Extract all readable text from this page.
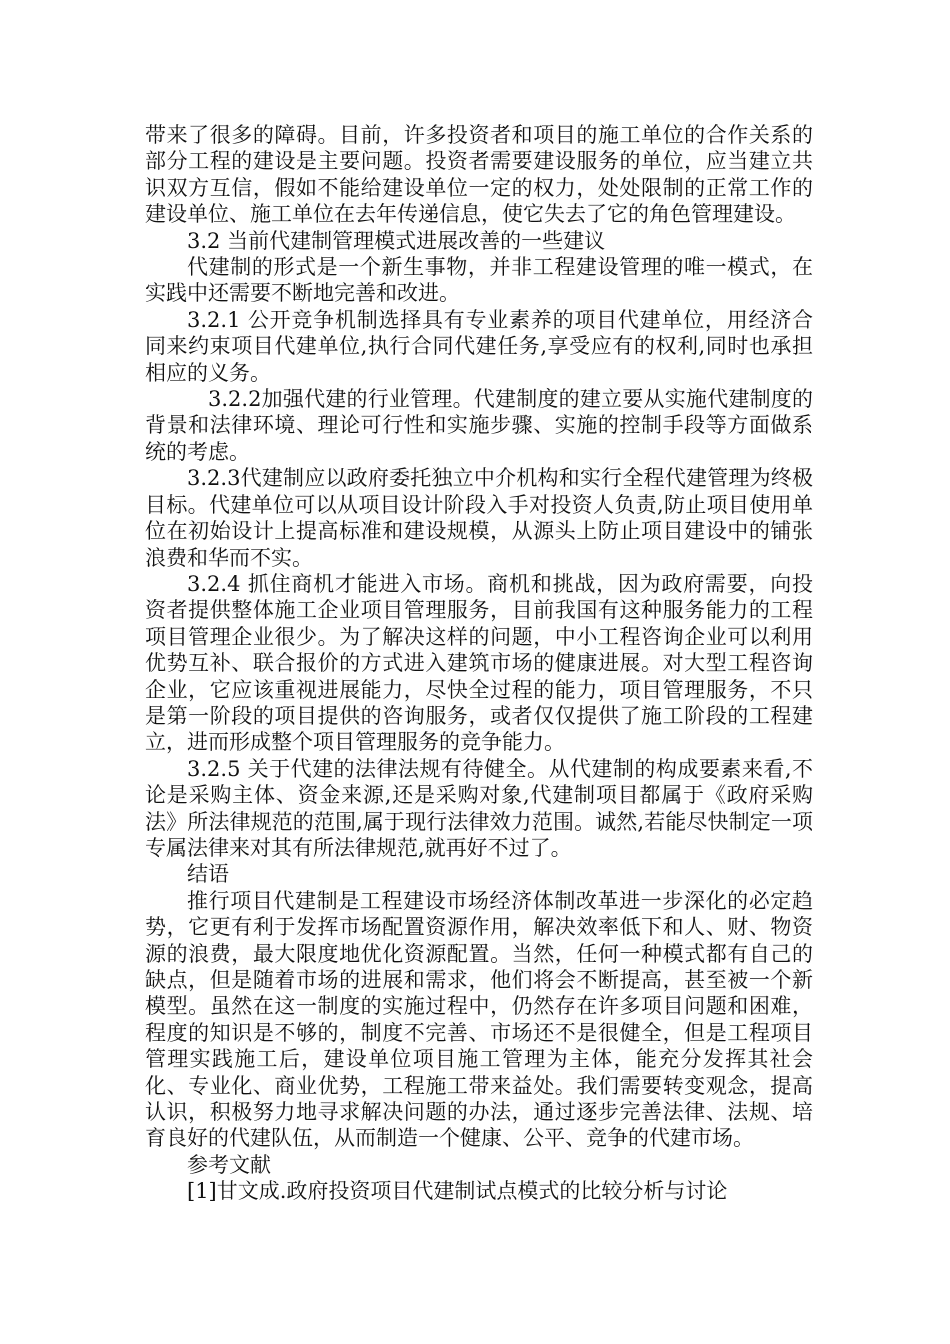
带来了很多的障碍。目前，许多投资者和项目的施工单位的合作关系的部分工程的建设是主要问题。投资者需要建设服务的单位，应当建立共识双方互信，假如不能给建设单位一定的权力，处处限制的正常工作的建设单位、施工单位在去年传递信息，使它失去了它的角色管理建设。

3.2 当前代建制管理模式进展改善的一些建议

代建制的形式是一个新生事物，并非工程建设管理的唯一模式，在实践中还需要不断地完善和改进。

3.2.1 公开竞争机制选择具有专业素养的项目代建单位，用经济合同来约束项目代建单位,执行合同代建任务,享受应有的权利,同时也承担相应的义务。

3.2.2加强代建的行业管理。代建制度的建立要从实施代建制度的背景和法律环境、理论可行性和实施步骤、实施的控制手段等方面做系统的考虑。

3.2.3代建制应以政府委托独立中介机构和实行全程代建管理为终极目标。代建单位可以从项目设计阶段入手对投资人负责,防止项目使用单位在初始设计上提高标准和建设规模，从源头上防止项目建设中的铺张浪费和华而不实。

3.2.4 抓住商机才能进入市场。商机和挑战，因为政府需要，向投资者提供整体施工企业项目管理服务，目前我国有这种服务能力的工程项目管理企业很少。为了解决这样的问题，中小工程咨询企业可以利用优势互补、联合报价的方式进入建筑市场的健康进展。对大型工程咨询企业，它应该重视进展能力，尽快全过程的能力，项目管理服务，不只是第一阶段的项目提供的咨询服务，或者仅仅提供了施工阶段的工程建立，进而形成整个项目管理服务的竞争能力。

3.2.5 关于代建的法律法规有待健全。从代建制的构成要素来看,不论是采购主体、资金来源,还是采购对象,代建制项目都属于《政府采购法》所法律规范的范围,属于现行法律效力范围。诚然,若能尽快制定一项专属法律来对其有所法律规范,就再好不过了。

结语

推行项目代建制是工程建设市场经济体制改革进一步深化的必定趋势，它更有利于发挥市场配置资源作用，解决效率低下和人、财、物资源的浪费，最大限度地优化资源配置。当然，任何一种模式都有自己的缺点，但是随着市场的进展和需求，他们将会不断提高，甚至被一个新模型。虽然在这一制度的实施过程中，仍然存在许多项目问题和困难，程度的知识是不够的，制度不完善、市场还不是很健全，但是工程项目管理实践施工后，建设单位项目施工管理为主体，能充分发挥其社会化、专业化、商业优势，工程施工带来益处。我们需要转变观念，提高认识，积极努力地寻求解决问题的办法，通过逐步完善法律、法规、培育良好的代建队伍，从而制造一个健康、公平、竞争的代建市场。

参考文献

[1]甘文成.政府投资项目代建制试点模式的比较分析与讨论
